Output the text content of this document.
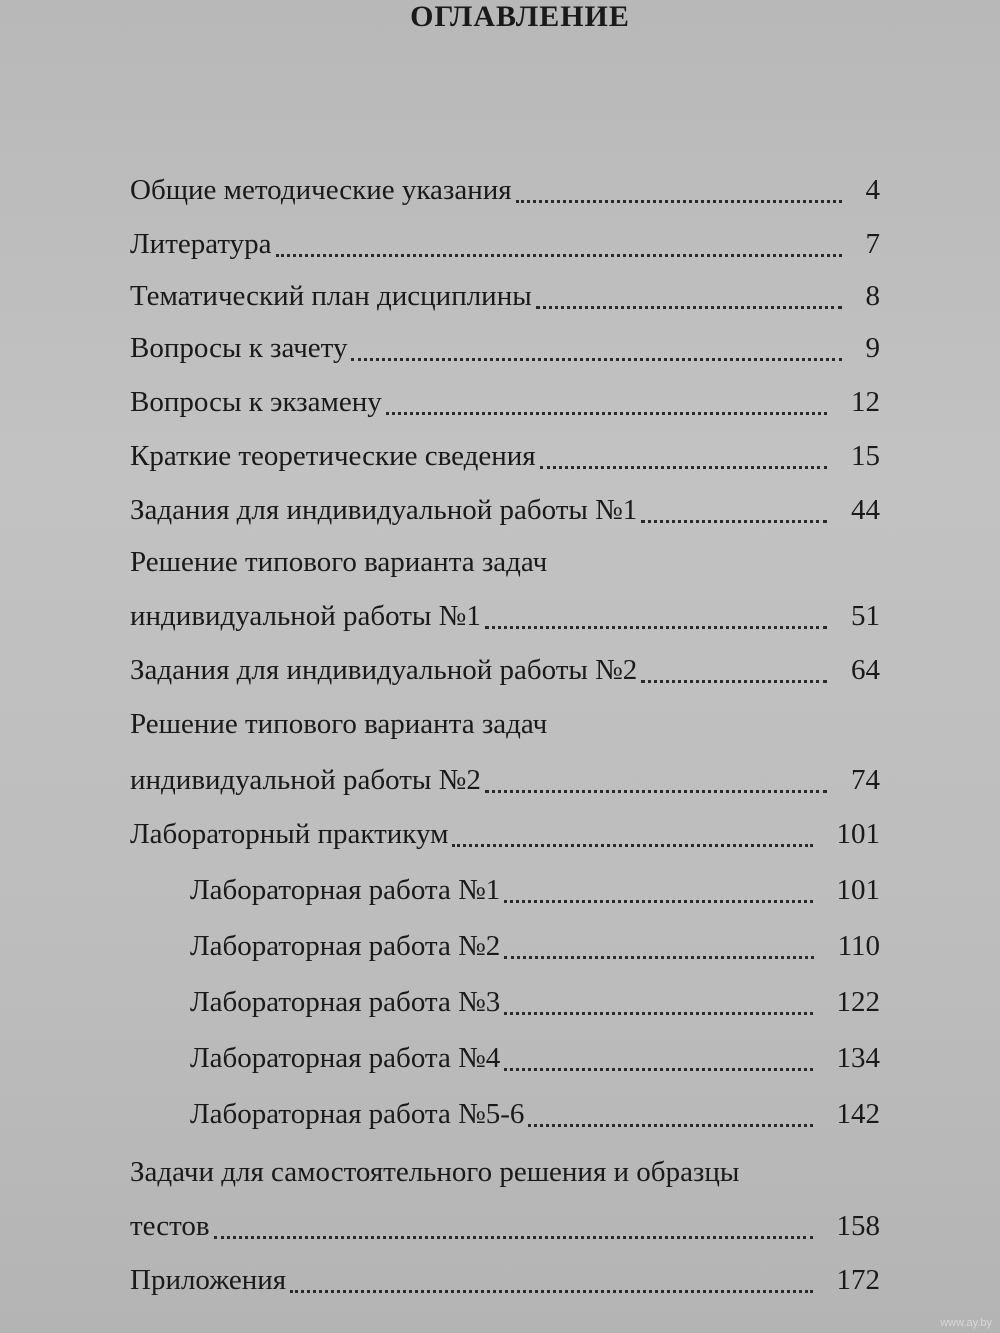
ОГЛАВЛЕНИЕ
Общие методические указания	4
Литература	7
Тематический план дисциплины	8
Вопросы к зачету	9
Вопросы к экзамену	12
Краткие теоретические сведения	15
Задания для индивидуальной работы №1	44
Решение типового варианта задач
индивидуальной работы №1	51
Задания для индивидуальной работы №2	64
Решение типового варианта задач
индивидуальной работы №2	74
Лабораторный практикум	101
Лабораторная работа №1	101
Лабораторная работа №2	110
Лабораторная работа №3	122
Лабораторная работа №4	134
Лабораторная работа №5-6	142
Задачи для самостоятельного решения и образцы
тестов	158
Приложения	172
www.ay.by
